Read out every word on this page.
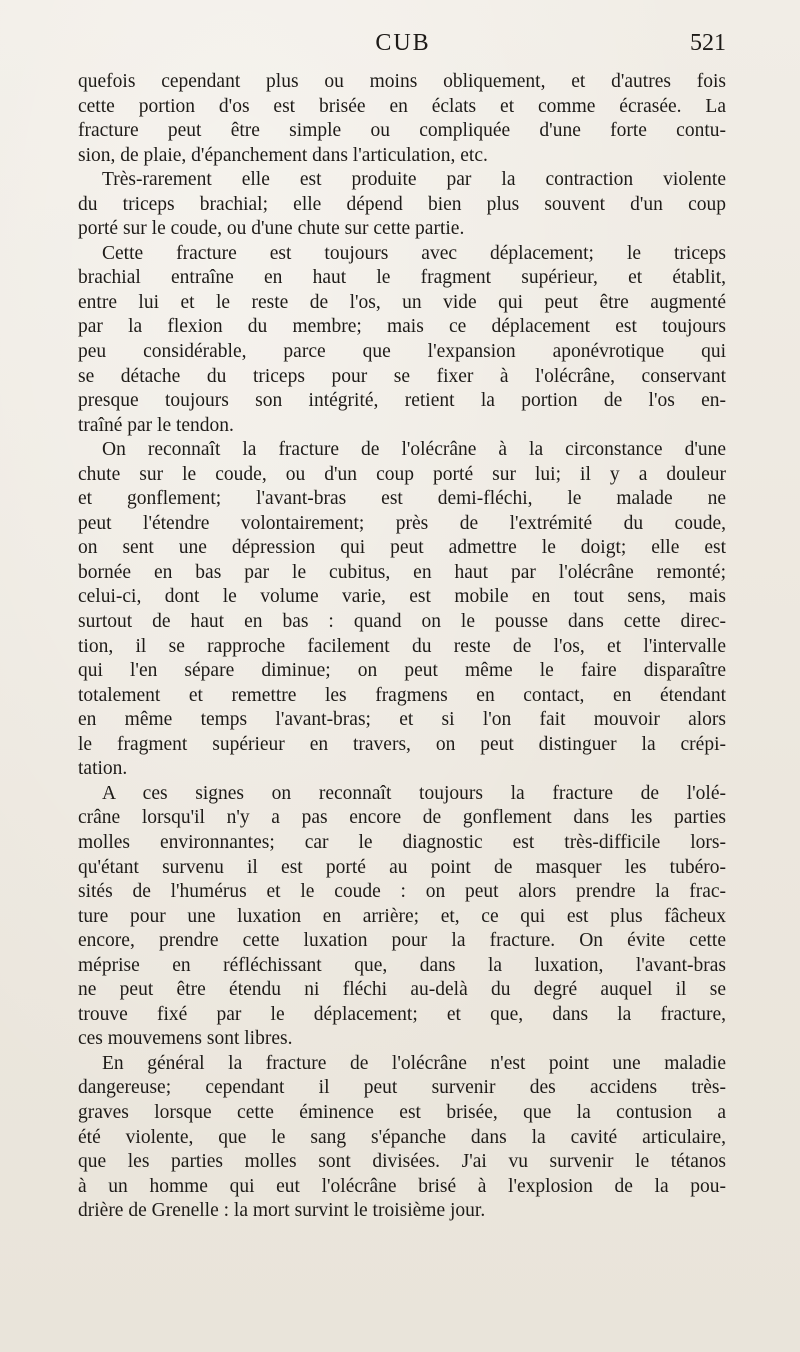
CUB	521
quefois cependant plus ou moins obliquement, et d'autres fois
cette portion d'os est brisée en éclats et comme écrasée. La
fracture peut être simple ou compliquée d'une forte contu-
sion, de plaie, d'épanchement dans l'articulation, etc.
Très-rarement elle est produite par la contraction violente
du triceps brachial; elle dépend bien plus souvent d'un coup
porté sur le coude, ou d'une chute sur cette partie.
Cette fracture est toujours avec déplacement; le triceps
brachial entraîne en haut le fragment supérieur, et établit,
entre lui et le reste de l'os, un vide qui peut être augmenté
par la flexion du membre; mais ce déplacement est toujours
peu considérable, parce que l'expansion aponévrotique qui
se détache du triceps pour se fixer à l'olécrâne, conservant
presque toujours son intégrité, retient la portion de l'os en-
traîné par le tendon.
On reconnaît la fracture de l'olécrâne à la circonstance d'une
chute sur le coude, ou d'un coup porté sur lui; il y a douleur
et gonflement; l'avant-bras est demi-fléchi, le malade ne
peut l'étendre volontairement; près de l'extrémité du coude,
on sent une dépression qui peut admettre le doigt; elle est
bornée en bas par le cubitus, en haut par l'olécrâne remonté;
celui-ci, dont le volume varie, est mobile en tout sens, mais
surtout de haut en bas : quand on le pousse dans cette direc-
tion, il se rapproche facilement du reste de l'os, et l'intervalle
qui l'en sépare diminue; on peut même le faire disparaître
totalement et remettre les fragmens en contact, en étendant
en même temps l'avant-bras; et si l'on fait mouvoir alors
le fragment supérieur en travers, on peut distinguer la crépi-
tation.
A ces signes on reconnaît toujours la fracture de l'olé-
crâne lorsqu'il n'y a pas encore de gonflement dans les parties
molles environnantes; car le diagnostic est très-difficile lors-
qu'étant survenu il est porté au point de masquer les tubéro-
sités de l'humérus et le coude : on peut alors prendre la frac-
ture pour une luxation en arrière; et, ce qui est plus fâcheux
encore, prendre cette luxation pour la fracture. On évite cette
méprise en réfléchissant que, dans la luxation, l'avant-bras
ne peut être étendu ni fléchi au-delà du degré auquel il se
trouve fixé par le déplacement; et que, dans la fracture,
ces mouvemens sont libres.
En général la fracture de l'olécrâne n'est point une maladie
dangereuse; cependant il peut survenir des accidens très-
graves lorsque cette éminence est brisée, que la contusion a
été violente, que le sang s'épanche dans la cavité articulaire,
que les parties molles sont divisées. J'ai vu survenir le tétanos
à un homme qui eut l'olécrâne brisé à l'explosion de la pou-
drière de Grenelle : la mort survint le troisième jour.
